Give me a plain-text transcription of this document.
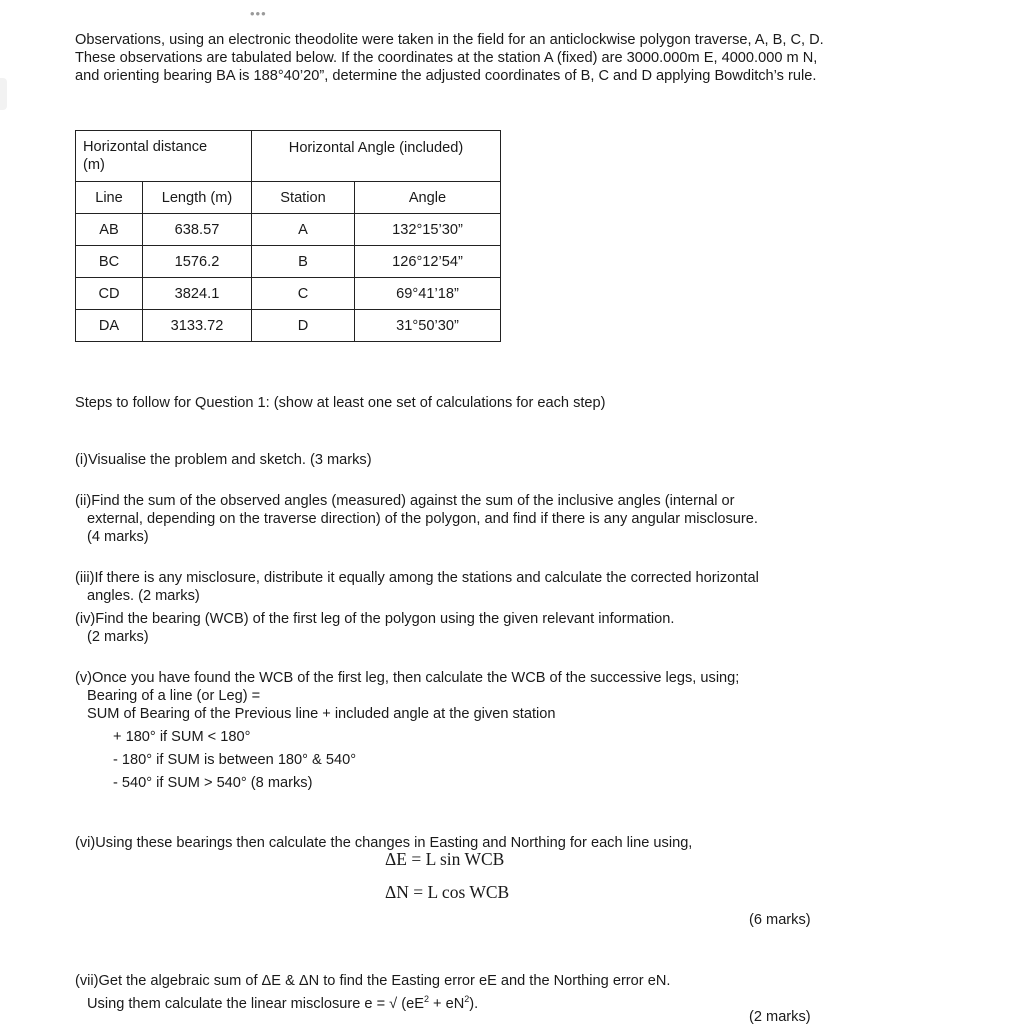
•••
Observations, using an electronic theodolite were taken in the field for an anticlockwise polygon traverse, A, B, C, D.
These observations are tabulated below. If the coordinates at the station A (fixed) are 3000.000m E, 4000.000 m N,
and orienting bearing BA is 188°40’20”, determine the adjusted coordinates of B, C and D applying Bowditch’s rule.
Horizontal distance
(m)		Horizontal Angle (included)	

Line	Length (m)	Station	Angle
AB	638.57	A	132°15’30”
BC	1576.2	B	126°12’54”
CD	3824.1	C	69°41’18”
DA	3133.72	D	31°50’30”
Steps to follow for Question 1: (show at least one set of calculations for each step)
(i)Visualise the problem and sketch. (3 marks)
(ii)Find the sum of the observed angles (measured) against the sum of the inclusive angles (internal or
external, depending on the traverse direction) of the polygon, and find if there is any angular misclosure.
(4 marks)
(iii)If there is any misclosure, distribute it equally among the stations and calculate the corrected horizontal
angles. (2 marks)
(iv)Find the bearing (WCB) of the first leg of the polygon using the given relevant information.
(2 marks)
(v)Once you have found the WCB of the first leg, then calculate the WCB of the successive legs, using;
Bearing of a line (or Leg) =
SUM of Bearing of the Previous line + included angle at the given station
+ 180° if SUM < 180°
- 180° if SUM is between 180° & 540°
- 540° if SUM > 540° (8 marks)
(vi)Using these bearings then calculate the changes in Easting and Northing for each line using,
ΔE = L sin WCB
ΔN = L cos WCB
(6 marks)
(vii)Get the algebraic sum of ΔE & ΔN to find the Easting error eE and the Northing error eN.
Using them calculate the linear misclosure e = √ $(eE^2 + eN^2)$.
(2 marks)
